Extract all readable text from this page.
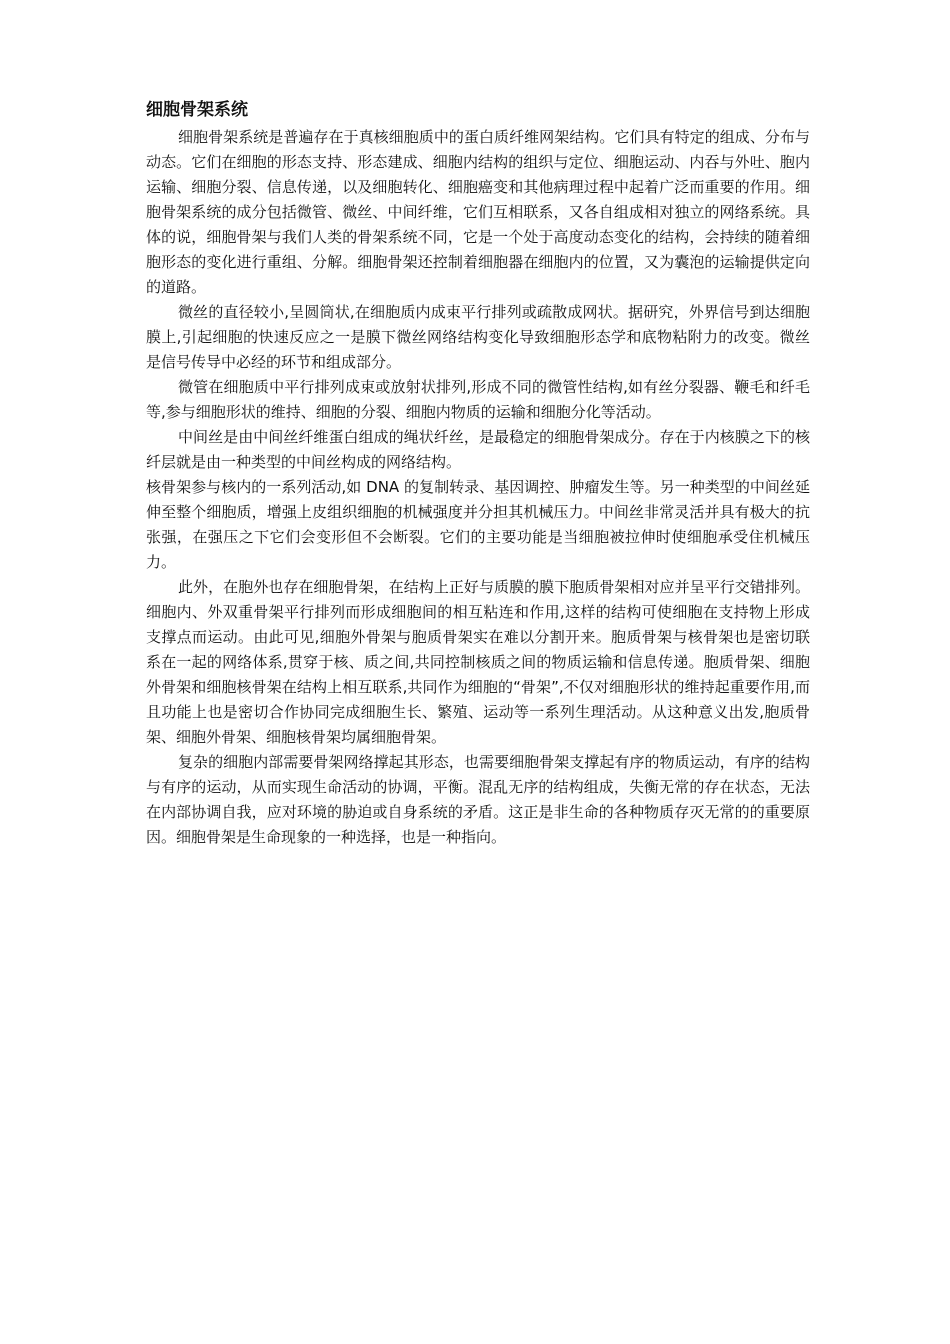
细胞骨架系统

细胞骨架系统是普遍存在于真核细胞质中的蛋白质纤维网架结构。它们具有特定的组成、分布与动态。它们在细胞的形态支持、形态建成、细胞内结构的组织与定位、细胞运动、内吞与外吐、胞内运输、细胞分裂、信息传递，以及细胞转化、细胞癌变和其他病理过程中起着广泛而重要的作用。细胞骨架系统的成分包括微管、微丝、中间纤维，它们互相联系，又各自组成相对独立的网络系统。具体的说，细胞骨架与我们人类的骨架系统不同，它是一个处于高度动态变化的结构，会持续的随着细胞形态的变化进行重组、分解。细胞骨架还控制着细胞器在细胞内的位置，又为囊泡的运输提供定向的道路。

微丝的直径较小,呈圆筒状,在细胞质内成束平行排列或疏散成网状。据研究，外界信号到达细胞膜上,引起细胞的快速反应之一是膜下微丝网络结构变化导致细胞形态学和底物粘附力的改变。微丝是信号传导中必经的环节和组成部分。

微管在细胞质中平行排列成束或放射状排列,形成不同的微管性结构,如有丝分裂器、鞭毛和纤毛等,参与细胞形状的维持、细胞的分裂、细胞内物质的运输和细胞分化等活动。

中间丝是由中间丝纤维蛋白组成的绳状纤丝，是最稳定的细胞骨架成分。存在于内核膜之下的核纤层就是由一种类型的中间丝构成的网络结构。

核骨架参与核内的一系列活动,如 DNA 的复制转录、基因调控、肿瘤发生等。另一种类型的中间丝延伸至整个细胞质，增强上皮组织细胞的机械强度并分担其机械压力。中间丝非常灵活并具有极大的抗张强，在强压之下它们会变形但不会断裂。它们的主要功能是当细胞被拉伸时使细胞承受住机械压力。

此外，在胞外也存在细胞骨架，在结构上正好与质膜的膜下胞质骨架相对应并呈平行交错排列。细胞内、外双重骨架平行排列而形成细胞间的相互粘连和作用,这样的结构可使细胞在支持物上形成支撑点而运动。由此可见,细胞外骨架与胞质骨架实在难以分割开来。胞质骨架与核骨架也是密切联系在一起的网络体系,贯穿于核、质之间,共同控制核质之间的物质运输和信息传递。胞质骨架、细胞外骨架和细胞核骨架在结构上相互联系,共同作为细胞的“骨架”,不仅对细胞形状的维持起重要作用,而且功能上也是密切合作协同完成细胞生长、繁殖、运动等一系列生理活动。从这种意义出发,胞质骨架、细胞外骨架、细胞核骨架均属细胞骨架。

复杂的细胞内部需要骨架网络撑起其形态，也需要细胞骨架支撑起有序的物质运动，有序的结构与有序的运动，从而实现生命活动的协调，平衡。混乱无序的结构组成，失衡无常的存在状态，无法在内部协调自我，应对环境的胁迫或自身系统的矛盾。这正是非生命的各种物质存灭无常的的重要原因。细胞骨架是生命现象的一种选择，也是一种指向。
